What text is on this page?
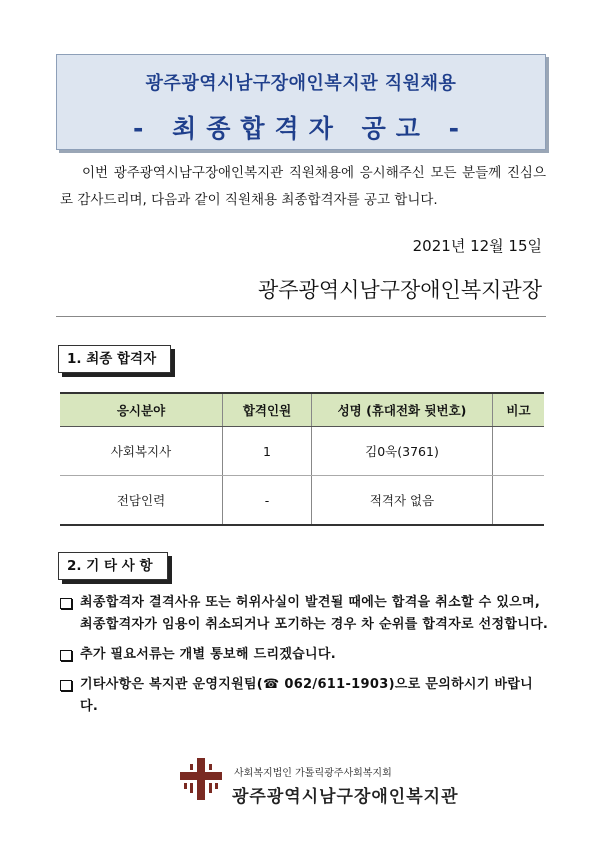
광주광역시남구장애인복지관 직원채용
- 최종합격자 공고 -
이번 광주광역시남구장애인복지관 직원채용에 응시해주신 모든 분들께 진심으로 감사드리며, 다음과 같이 직원채용 최종합격자를 공고 합니다.
2021년 12월 15일
광주광역시남구장애인복지관장
1. 최종 합격자
응시분야	합격인원	성명 (휴대전화 뒷번호)	비고
사회복지사	1	김0욱(3761)	
전담인력	-	적격자 없음	
2. 기 타 사 항
최종합격자 결격사유 또는 허위사실이 발견될 때에는 합격을 취소할 수 있으며, 최종합격자가 임용이 취소되거나 포기하는 경우 차 순위를 합격자로 선정합니다.
추가 필요서류는 개별 통보해 드리겠습니다.
기타사항은 복지관 운영지원팀(☎ 062/611-1903)으로 문의하시기 바랍니다.
사회복지법인 가톨릭광주사회복지회
광주광역시남구장애인복지관
